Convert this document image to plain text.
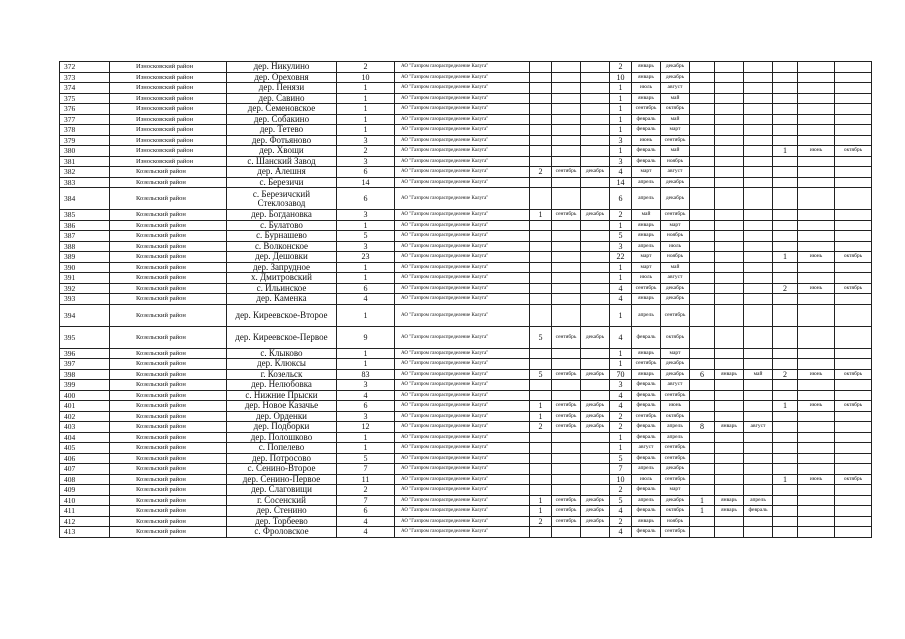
372	Износковский район	дер. Никулино	2	АО "Газпром газораспределение Калуга"				2	январь	декабрь						
373	Износковский район	дер. Ореховня	10	АО "Газпром газораспределение Калуга"				10	январь	декабрь						
374	Износковский район	дер. Пенязи	1	АО "Газпром газораспределение Калуга"				1	июль	август						
375	Износковский район	дер. Савино	1	АО "Газпром газораспределение Калуга"				1	январь	май						
376	Износковский район	дер. Семеновское	1	АО "Газпром газораспределение Калуга"				1	сентябрь	октябрь						
377	Износковский район	дер. Собакино	1	АО "Газпром газораспределение Калуга"				1	февраль	май						
378	Износковский район	дер. Тетево	1	АО "Газпром газораспределение Калуга"				1	февраль	март						
379	Износковский район	дер. Фотьяново	3	АО "Газпром газораспределение Калуга"				3	июнь	сентябрь						
380	Износковский район	дер. Хвощи	2	АО "Газпром газораспределение Калуга"				1	февраль	май				1	июнь	октябрь
381	Износковский район	с. Шанский Завод	3	АО "Газпром газораспределение Калуга"				3	февраль	ноябрь						
382	Козельский район	дер. Алешня	6	АО "Газпром газораспределение Калуга"	2	сентябрь	декабрь	4	март	август						
383	Козельский район	с. Березичи	14	АО "Газпром газораспределение Калуга"				14	апрель	декабрь						
384	Козельский район	с. Березичский Стеклозавод	6	АО "Газпром газораспределение Калуга"				6	апрель	декабрь						
385	Козельский район	дер. Богдановка	3	АО "Газпром газораспределение Калуга"	1	сентябрь	декабрь	2	май	сентябрь						
386	Козельский район	с. Булатово	1	АО "Газпром газораспределение Калуга"				1	январь	март						
387	Козельский район	с. Бурнашево	5	АО "Газпром газораспределение Калуга"				5	январь	ноябрь						
388	Козельский район	с. Волконское	3	АО "Газпром газораспределение Калуга"				3	апрель	июль						
389	Козельский район	дер. Дешовки	23	АО "Газпром газораспределение Калуга"				22	март	ноябрь				1	июнь	октябрь
390	Козельский район	дер. Запрудное	1	АО "Газпром газораспределение Калуга"				1	март	май						
391	Козельский район	х. Дмитровский	1	АО "Газпром газораспределение Калуга"				1	июль	август						
392	Козельский район	с. Ильинское	6	АО "Газпром газораспределение Калуга"				4	сентябрь	декабрь				2	июнь	октябрь
393	Козельский район	дер. Каменка	4	АО "Газпром газораспределение Калуга"				4	январь	декабрь						
394	Козельский район	дер. Киреевское-Второе	1	АО "Газпром газораспределение Калуга"				1	апрель	сентябрь						
395	Козельский район	дер. Киреевское-Первое	9	АО "Газпром газораспределение Калуга"	5	сентябрь	декабрь	4	февраль	октябрь						
396	Козельский район	с. Клыково	1	АО "Газпром газораспределение Калуга"				1	январь	март						
397	Козельский район	дер. Клюксы	1	АО "Газпром газораспределение Калуга"				1	сентябрь	декабрь						
398	Козельский район	г. Козельск	83	АО "Газпром газораспределение Калуга"	5	сентябрь	декабрь	70	январь	декабрь	6	январь	май	2	июнь	октябрь
399	Козельский район	дер. Нелюбовка	3	АО "Газпром газораспределение Калуга"				3	февраль	август						
400	Козельский район	с. Нижние Прыски	4	АО "Газпром газораспределение Калуга"				4	февраль	сентябрь						
401	Козельский район	дер. Новое Казачье	6	АО "Газпром газораспределение Калуга"	1	сентябрь	декабрь	4	февраль	июнь				1	июнь	октябрь
402	Козельский район	дер. Орденки	3	АО "Газпром газораспределение Калуга"	1	сентябрь	декабрь	2	сентябрь	октябрь						
403	Козельский район	дер. Подборки	12	АО "Газпром газораспределение Калуга"	2	сентябрь	декабрь	2	февраль	апрель	8	январь	август			
404	Козельский район	дер. Полошково	1	АО "Газпром газораспределение Калуга"				1	февраль	апрель						
405	Козельский район	с. Попелево	1	АО "Газпром газораспределение Калуга"				1	август	сентябрь						
406	Козельский район	дер. Потросово	5	АО "Газпром газораспределение Калуга"				5	февраль	сентябрь						
407	Козельский район	с. Сенино-Второе	7	АО "Газпром газораспределение Калуга"				7	апрель	декабрь						
408	Козельский район	дер. Сенино-Первое	11	АО "Газпром газораспределение Калуга"				10	июль	сентябрь				1	июнь	октябрь
409	Козельский район	дер. Слаговищи	2	АО "Газпром газораспределение Калуга"				2	февраль	март						
410	Козельский район	г. Сосенский	7	АО "Газпром газораспределение Калуга"	1	сентябрь	декабрь	5	апрель	декабрь	1	январь	апрель			
411	Козельский район	дер. Стенино	6	АО "Газпром газораспределение Калуга"	1	сентябрь	декабрь	4	февраль	октябрь	1	январь	февраль			
412	Козельский район	дер. Торбеево	4	АО "Газпром газораспределение Калуга"	2	сентябрь	декабрь	2	январь	ноябрь						
413	Козельский район	с. Фроловское	4	АО "Газпром газораспределение Калуга"				4	февраль	сентябрь						
